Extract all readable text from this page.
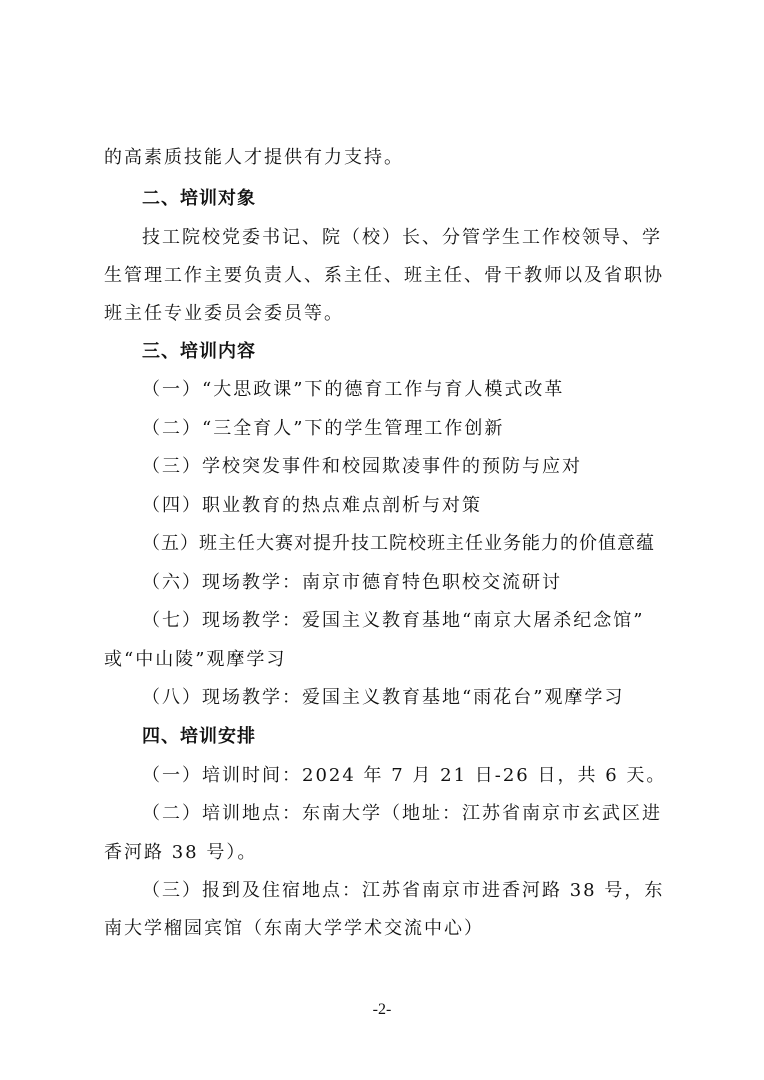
的高素质技能人才提供有力支持。
二、培训对象
技工院校党委书记、院（校）长、分管学生工作校领导、学
生管理工作主要负责人、系主任、班主任、骨干教师以及省职协
班主任专业委员会委员等。
三、培训内容
（一）“大思政课”下的德育工作与育人模式改革
（二）“三全育人”下的学生管理工作创新
（三）学校突发事件和校园欺凌事件的预防与应对
（四）职业教育的热点难点剖析与对策
（五）班主任大赛对提升技工院校班主任业务能力的价值意蕴
（六）现场教学：南京市德育特色职校交流研讨
（七）现场教学：爱国主义教育基地“南京大屠杀纪念馆”
或“中山陵”观摩学习
（八）现场教学：爱国主义教育基地“雨花台”观摩学习
四、培训安排
（一）培训时间：2024 年 7 月 21 日-26 日，共 6 天。
（二）培训地点：东南大学（地址：江苏省南京市玄武区进
香河路 38 号）。
（三）报到及住宿地点：江苏省南京市进香河路 38 号，东
南大学榴园宾馆（东南大学学术交流中心）
-2-
